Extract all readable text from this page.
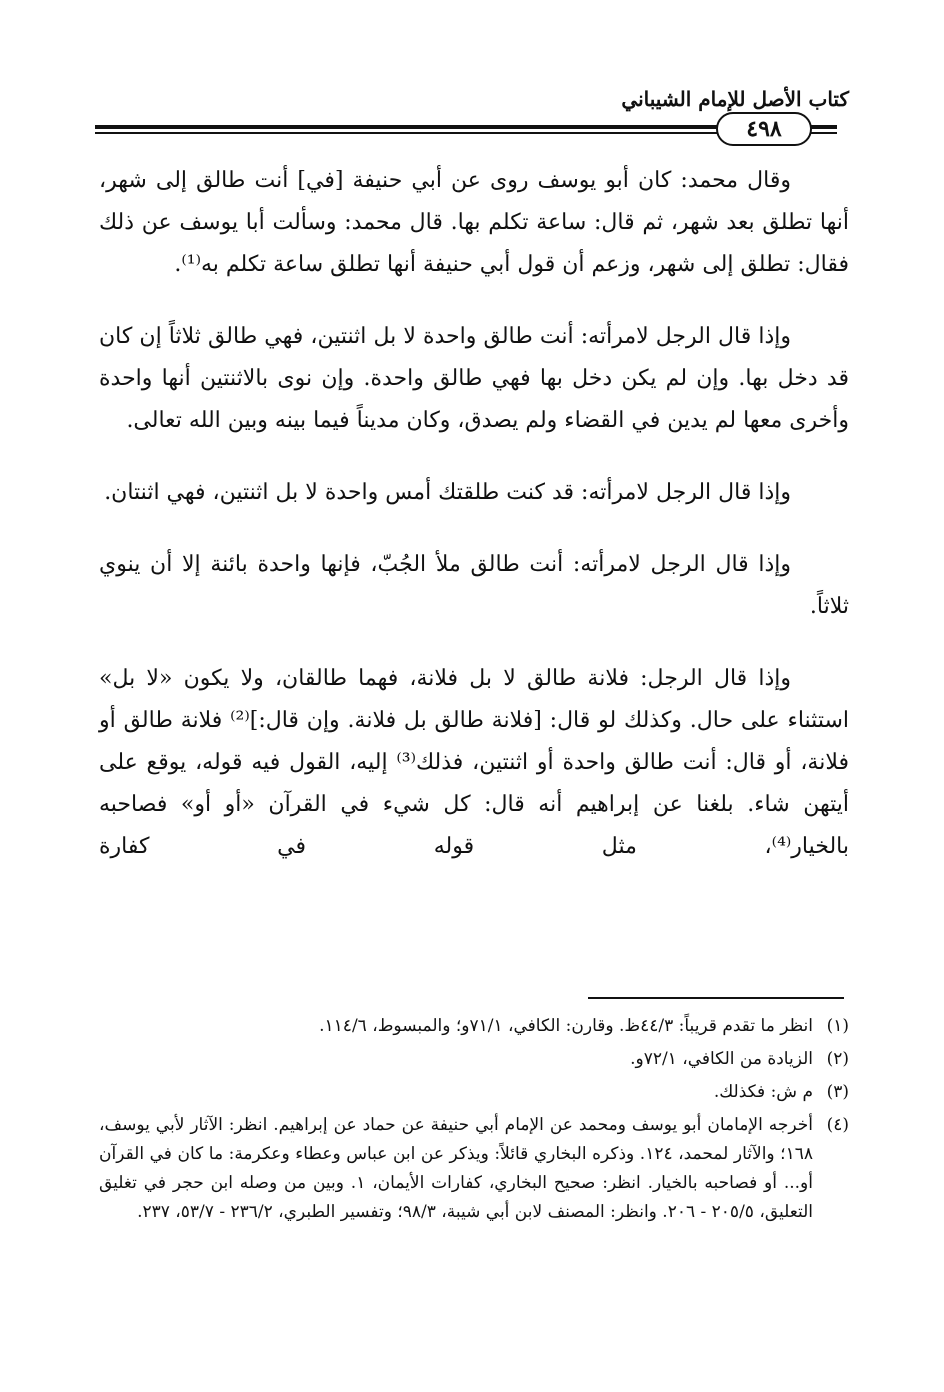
كتاب الأصل للإمام الشيباني
٤٩٨

وقال محمد: كان أبو يوسف روى عن أبي حنيفة [في] أنت طالق إلى شهر، أنها تطلق بعد شهر، ثم قال: ساعة تكلم بها. قال محمد: وسألت أبا يوسف عن ذلك فقال: تطلق إلى شهر، وزعم أن قول أبي حنيفة أنها تطلق ساعة تكلم به⁽¹⁾.

وإذا قال الرجل لامرأته: أنت طالق واحدة لا بل اثنتين، فهي طالق ثلاثاً إن كان قد دخل بها. وإن لم يكن دخل بها فهي طالق واحدة. وإن نوى بالاثنتين أنها واحدة وأخرى معها لم يدين في القضاء ولم يصدق، وكان مديناً فيما بينه وبين الله تعالى.

وإذا قال الرجل لامرأته: قد كنت طلقتك أمس واحدة لا بل اثنتين، فهي اثنتان.

وإذا قال الرجل لامرأته: أنت طالق ملأ الجُبّ، فإنها واحدة بائنة إلا أن ينوي ثلاثاً.

وإذا قال الرجل: فلانة طالق لا بل فلانة، فهما طالقان، ولا يكون «لا بل» استثناء على حال. وكذلك لو قال: [فلانة طالق بل فلانة. وإن قال:]⁽²⁾ فلانة طالق أو فلانة، أو قال: أنت طالق واحدة أو اثنتين، فذلك⁽³⁾ إليه، القول فيه قوله، يوقع على أيتهن شاء. بلغنا عن إبراهيم أنه قال: كل شيء في القرآن «أو أو» فصاحبه بالخيار⁽⁴⁾، مثل قوله في كفارة

(١)
انظر ما تقدم قريباً: ٤٤/٣ظ. وقارن: الكافي، ٧١/١و؛ والمبسوط، ١١٤/٦.
(٢)
الزيادة من الكافي، ٧٢/١و.
(٣)
م ش: فكذلك.
(٤)
أخرجه الإمامان أبو يوسف ومحمد عن الإمام أبي حنيفة عن حماد عن إبراهيم. انظر: الآثار لأبي يوسف، ١٦٨؛ والآثار لمحمد، ١٢٤. وذكره البخاري قائلاً: ويذكر عن ابن عباس وعطاء وعكرمة: ما كان في القرآن أو... أو فصاحبه بالخيار. انظر: صحيح البخاري، كفارات الأيمان، ١. وبين من وصله ابن حجر في تغليق التعليق، ٢٠٥/٥ - ٢٠٦. وانظر: المصنف لابن أبي شيبة، ٩٨/٣؛ وتفسير الطبري، ٢٣٦/٢ - ٥٣/٧، ٢٣٧.
